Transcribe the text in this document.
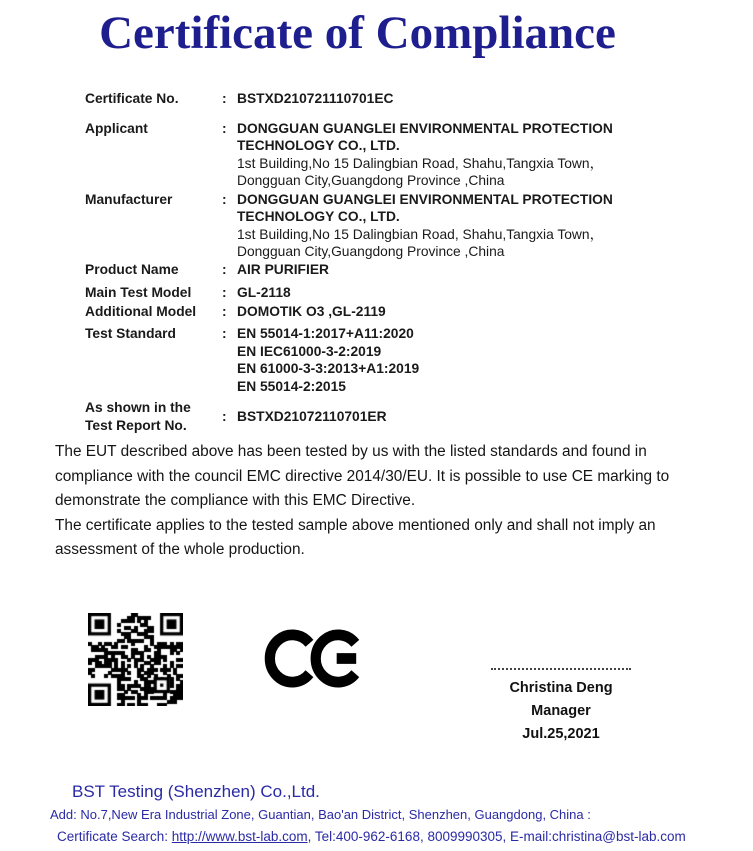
Certificate of Compliance
Certificate No.	: BSTXD210721110701EC
Applicant	: DONGGUAN GUANGLEI ENVIRONMENTAL PROTECTION
TECHNOLOGY CO., LTD.
1st Building,No 15 Dalingbian Road, Shahu,Tangxia Town，
Dongguan City,Guangdong Province ,China
Manufacturer	: DONGGUAN GUANGLEI ENVIRONMENTAL PROTECTION
TECHNOLOGY CO., LTD.
1st Building,No 15 Dalingbian Road, Shahu,Tangxia Town，
Dongguan City,Guangdong Province ,China
Product Name	: AIR PURIFIER
Main Test Model	: GL-2118
Additional Model	: DOMOTIK O3 ,GL-2119
Test Standard	: EN 55014-1:2017+A11:2020
EN IEC61000-3-2:2019
EN 61000-3-3:2013+A1:2019
EN 55014-2:2015
As shown in the
Test Report No.
: BSTXD21072110701ER

The EUT described above has been tested by us with the listed standards and found in compliance with the council EMC directive 2014/30/EU. It is possible to use CE marking to demonstrate the compliance with this EMC Directive.

The certificate applies to the tested sample above mentioned only and shall not imply an assessment of the whole production.

Christina Deng
Manager
Jul.25,2021
BST Testing (Shenzhen) Co.,Ltd.
Add: No.7,New Era Industrial Zone, Guantian, Bao'an District, Shenzhen, Guangdong, China :
Certificate Search: http://www.bst-lab.com, Tel:400-962-6168, 8009990305, E-mail:christina@bst-lab.com
